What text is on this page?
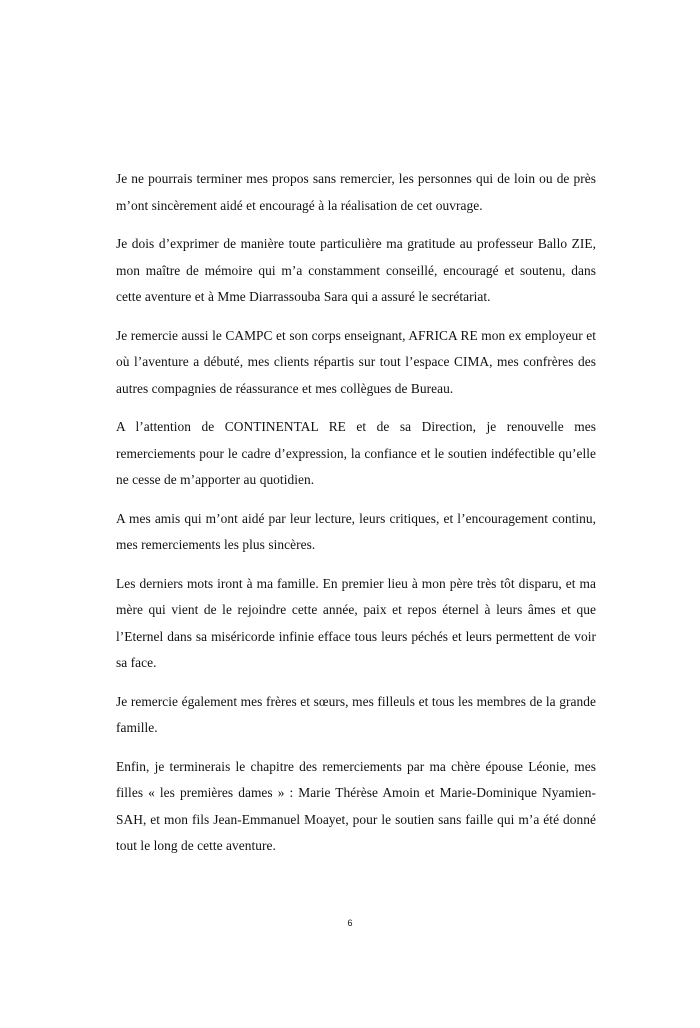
Je ne pourrais terminer mes propos sans remercier, les personnes qui de loin ou de près m’ont sincèrement aidé et encouragé à la réalisation de cet ouvrage.

Je dois d’exprimer de manière toute particulière ma gratitude au professeur Ballo ZIE, mon maître de mémoire qui m’a constamment conseillé, encouragé et soutenu, dans cette aventure et à Mme Diarrassouba Sara qui a assuré le secrétariat.

Je remercie aussi le CAMPC et son corps enseignant, AFRICA RE mon ex employeur et où l’aventure a débuté, mes clients répartis sur tout l’espace CIMA, mes confrères des autres compagnies de réassurance et mes collègues de Bureau.

A l’attention de CONTINENTAL RE et de sa Direction, je renouvelle mes remerciements pour le cadre d’expression, la confiance et le soutien indéfectible qu’elle ne cesse de m’apporter au quotidien.

A mes amis qui m’ont aidé par leur lecture, leurs critiques, et l’encouragement continu, mes remerciements les plus sincères.

Les derniers mots iront à ma famille. En premier lieu à mon père très tôt disparu, et ma mère qui vient de le rejoindre cette année, paix et repos éternel à leurs âmes et que l’Eternel dans sa miséricorde infinie efface tous leurs péchés et leurs permettent de voir sa face.

Je remercie également mes frères et sœurs, mes filleuls et tous les membres de la grande famille.

Enfin, je terminerais le chapitre des remerciements par ma chère épouse Léonie, mes filles « les premières dames » : Marie Thérèse Amoin et Marie-Dominique Nyamien-SAH, et mon fils Jean-Emmanuel Moayet, pour le soutien sans faille qui m’a été donné tout le long de cette aventure.

6
